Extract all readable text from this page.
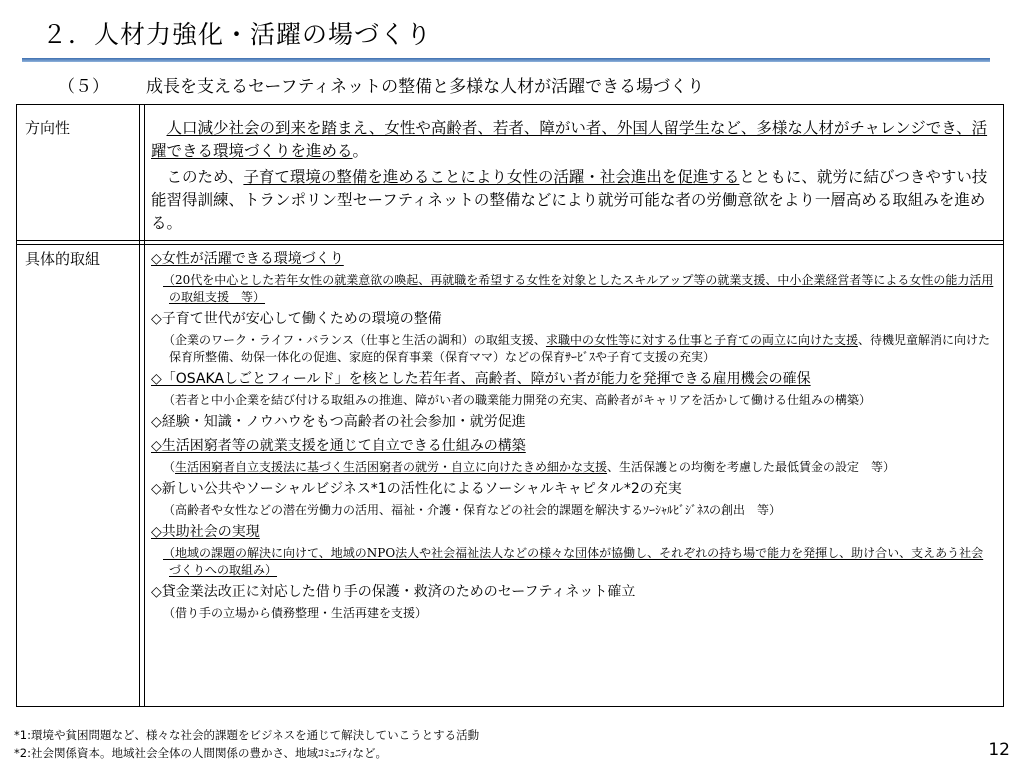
２．人材力強化・活躍の場づくり
（５） 成長を支えるセーフティネットの整備と多様な人材が活躍できる場づくり
方向性	人口減少社会の到来を踏まえ、女性や高齢者、若者、障がい者、外国人留学生など、多様な人材がチャレンジでき、活躍できる環境づくりを進める。

このため、子育て環境の整備を進めることにより女性の活躍・社会進出を促進するとともに、就労に結びつきやすい技能習得訓練、トランポリン型セーフティネットの整備などにより就労可能な者の労働意欲をより一層高める取組みを進める。

具体的取組	◇女性が活躍できる環境づくり
（20代を中心とした若年女性の就業意欲の喚起、再就職を希望する女性を対象としたスキルアップ等の就業支援、中小企業経営者等による女性の能力活用の取組支援　等）
◇子育て世代が安心して働くための環境の整備
（企業のワーク・ライフ・バランス（仕事と生活の調和）の取組支援、求職中の女性等に対する仕事と子育ての両立に向けた支援、待機児童解消に向けた保育所整備、幼保一体化の促進、家庭的保育事業（保育ママ）などの保育ｻｰﾋﾞｽや子育て支援の充実）
◇「OSAKAしごとフィールド」を核とした若年者、高齢者、障がい者が能力を発揮できる雇用機会の確保
（若者と中小企業を結び付ける取組みの推進、障がい者の職業能力開発の充実、高齢者がキャリアを活かして働ける仕組みの構築）
◇経験・知識・ノウハウをもつ高齢者の社会参加・就労促進
◇生活困窮者等の就業支援を通じて自立できる仕組みの構築
（生活困窮者自立支援法に基づく生活困窮者の就労・自立に向けたきめ細かな支援、生活保護との均衡を考慮した最低賃金の設定　等）
◇新しい公共やソーシャルビジネス*1の活性化によるソーシャルキャピタル*2の充実
（高齢者や女性などの潜在労働力の活用、福祉・介護・保育などの社会的課題を解決するｿｰｼｬﾙﾋﾞｼﾞﾈｽの創出　等）
◇共助社会の実現
（地域の課題の解決に向けて、地域のNPO法人や社会福祉法人などの様々な団体が協働し、それぞれの持ち場で能力を発揮し、助け合い、支えあう社会づくりへの取組み）
◇貸金業法改正に対応した借り手の保護・救済のためのセーフティネット確立
（借り手の立場から債務整理・生活再建を支援）
*1:環境や貧困問題など、様々な社会的課題をビジネスを通じて解決していこうとする活動
*2:社会関係資本。地域社会全体の人間関係の豊かさ、地域ｺﾐｭﾆﾃｨなど。	12
